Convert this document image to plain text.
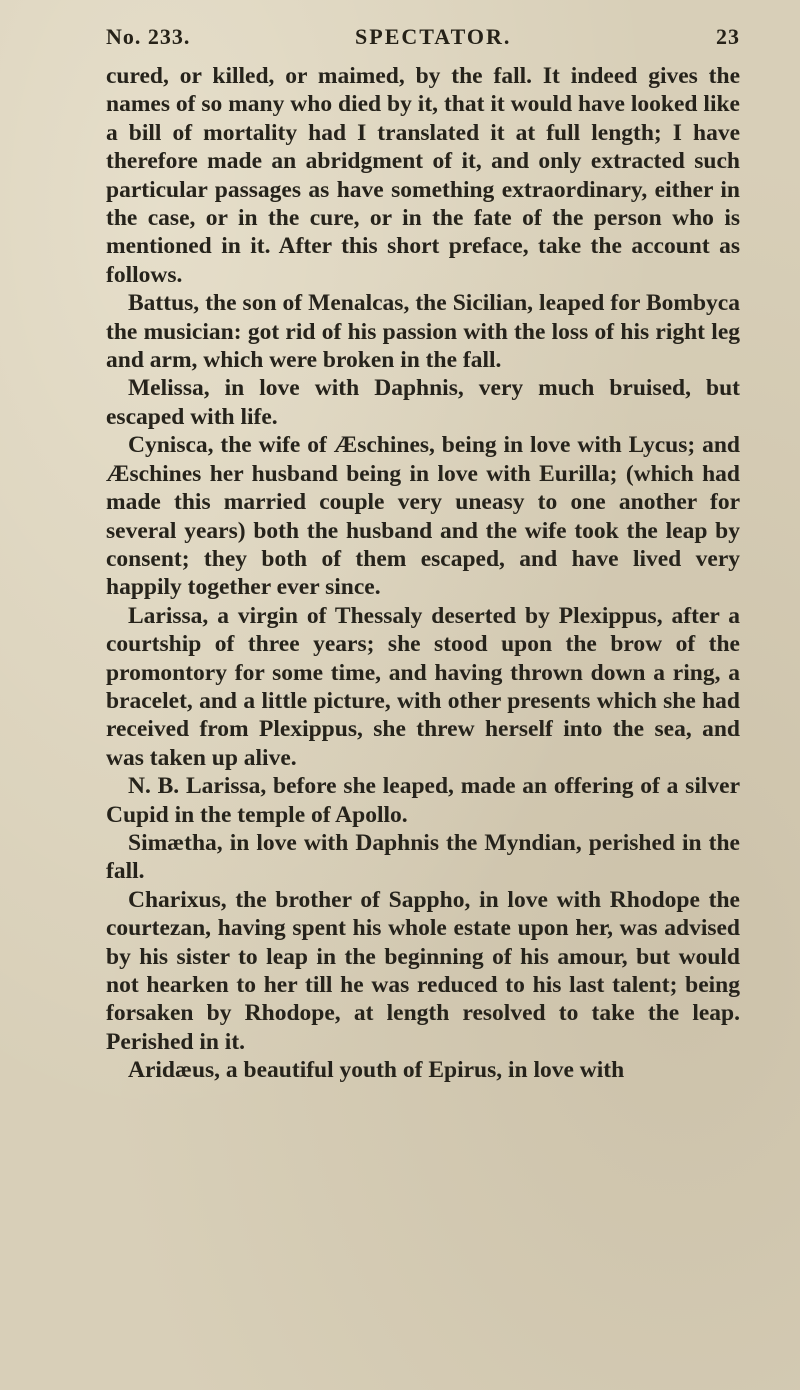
No. 233.	SPECTATOR.	23

cured, or killed, or maimed, by the fall. It indeed gives the names of so many who died by it, that it would have looked like a bill of mortality had I translated it at full length; I have therefore made an abridgment of it, and only extracted such particular passages as have something extraordinary, either in the case, or in the cure, or in the fate of the person who is mentioned in it. After this short preface, take the account as follows.

Battus, the son of Menalcas, the Sicilian, leaped for Bombyca the musician: got rid of his passion with the loss of his right leg and arm, which were broken in the fall.

Melissa, in love with Daphnis, very much bruised, but escaped with life.

Cynisca, the wife of Æschines, being in love with Lycus; and Æschines her husband being in love with Eurilla; (which had made this married couple very uneasy to one another for several years) both the husband and the wife took the leap by consent; they both of them escaped, and have lived very happily together ever since.

Larissa, a virgin of Thessaly deserted by Plexippus, after a courtship of three years; she stood upon the brow of the promontory for some time, and having thrown down a ring, a bracelet, and a little picture, with other presents which she had received from Plexippus, she threw herself into the sea, and was taken up alive.

N. B. Larissa, before she leaped, made an offering of a silver Cupid in the temple of Apollo.

Simætha, in love with Daphnis the Myndian, perished in the fall.

Charixus, the brother of Sappho, in love with Rhodope the courtezan, having spent his whole estate upon her, was advised by his sister to leap in the beginning of his amour, but would not hearken to her till he was reduced to his last talent; being forsaken by Rhodope, at length resolved to take the leap. Perished in it.

Aridæus, a beautiful youth of Epirus, in love with
